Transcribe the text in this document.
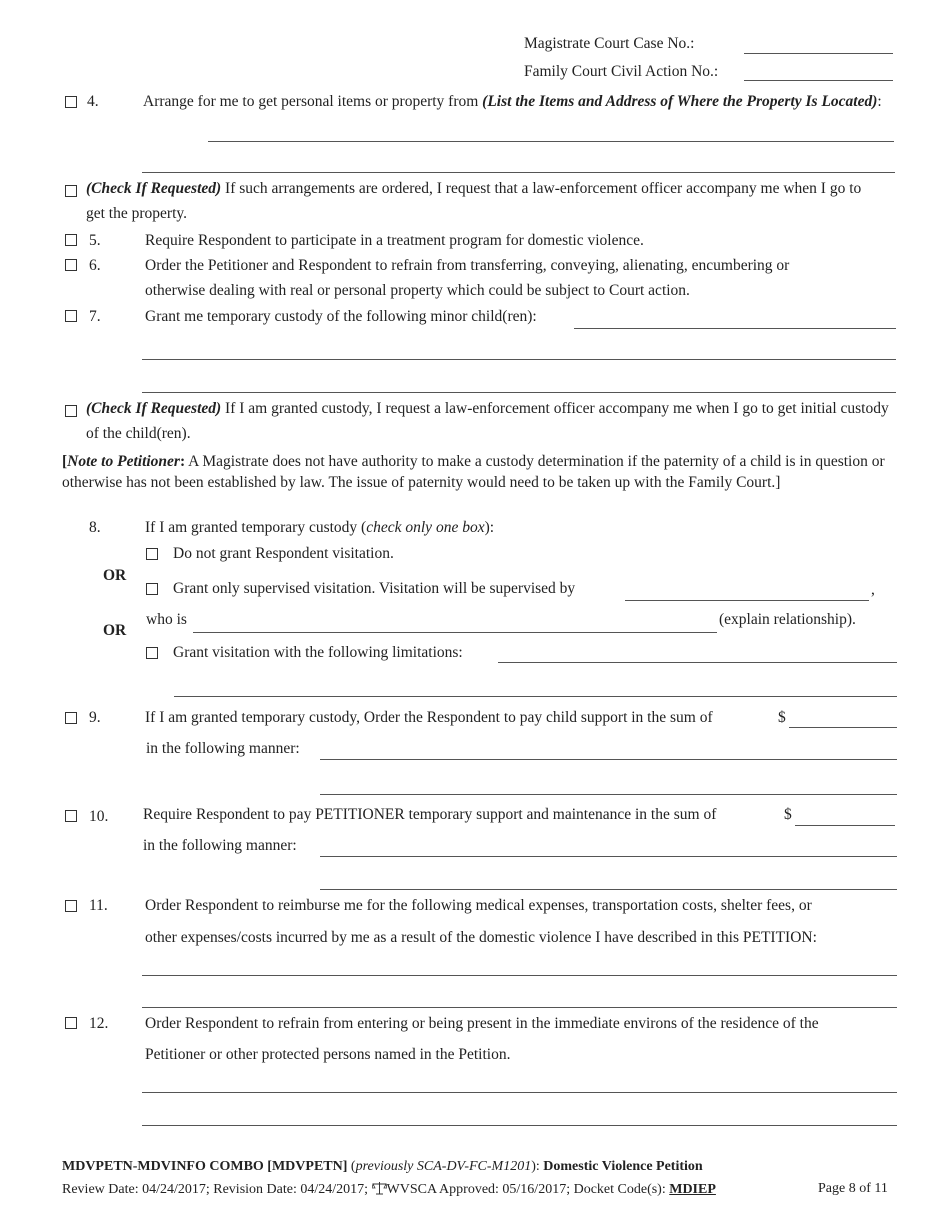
Magistrate Court Case No.:
Family Court Civil Action No.:
4.	Arrange for me to get personal items or property from (List the Items and Address of Where the Property Is Located):
(Check If Requested) If such arrangements are ordered, I request that a law-enforcement officer accompany me when I go to get the property.
5.	Require Respondent to participate in a treatment program for domestic violence.
6.	Order the Petitioner and Respondent to refrain from transferring, conveying, alienating, encumbering or
otherwise dealing with real or personal property which could be subject to Court action.
7.	Grant me temporary custody of the following minor child(ren):
(Check If Requested) If I am granted custody, I request a law-enforcement officer accompany me when I go to get initial custody of the child(ren).
[Note to Petitioner: A Magistrate does not have authority to make a custody determination if the paternity of a child is in question or otherwise has not been established by law. The issue of paternity would need to be taken up with the Family Court.]
8.	If I am granted temporary custody (check only one box):
Do not grant Respondent visitation.
OR
Grant only supervised visitation. Visitation will be supervised by	,
who is	(explain relationship).
OR
Grant visitation with the following limitations:
9.	If I am granted temporary custody, Order the Respondent to pay child support in the sum of	$
in the following manner:
10. Require Respondent to pay PETITIONER temporary support and maintenance in the sum of	$
in the following manner:
11. Order Respondent to reimburse me for the following medical expenses, transportation costs, shelter fees, or
other expenses/costs incurred by me as a result of the domestic violence I have described in this PETITION:
12. Order Respondent to refrain from entering or being present in the immediate environs of the residence of the
Petitioner or other protected persons named in the Petition.
MDVPETN-MDVINFO COMBO [MDVPETN] (previously SCA-DV-FC-M1201): Domestic Violence Petition
Review Date: 04/24/2017; Revision Date: 04/24/2017; WVSCA Approved: 05/16/2017; Docket Code(s): MDIEP	Page 8 of 11
